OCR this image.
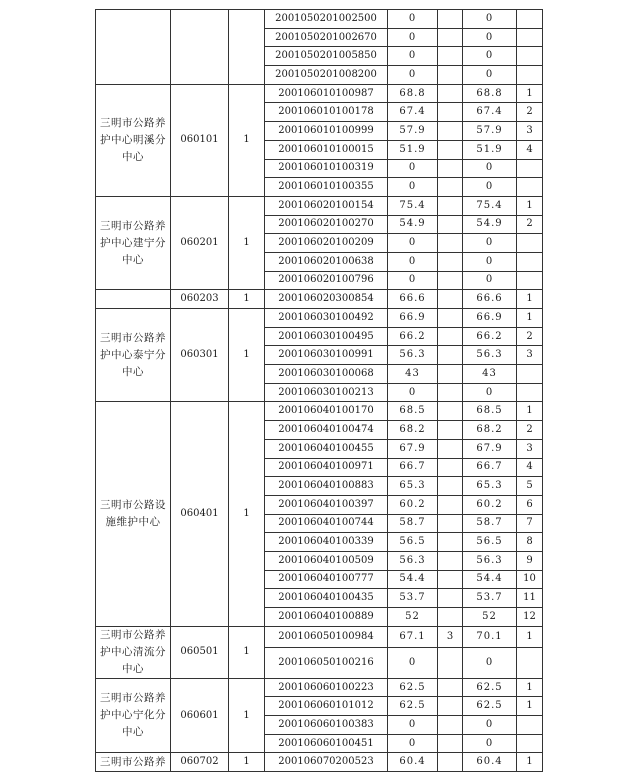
			2001050201002500	0		0	
			2001050201002670	0		0	
			2001050201005850	0		0	
			2001050201008200	0		0	
三明市公路养护中心明溪分中心	060101	1	200106010100987	68.8		68.8	1
			200106010100178	67.4		67.4	2
			200106010100999	57.9		57.9	3
			200106010100015	51.9		51.9	4
			200106010100319	0		0	
			200106010100355	0		0	
三明市公路养护中心建宁分中心	060201	1	200106020100154	75.4		75.4	1
			200106020100270	54.9		54.9	2
			200106020100209	0		0	
			200106020100638	0		0	
			200106020100796	0		0	
	060203	1	200106020300854	66.6		66.6	1
三明市公路养护中心泰宁分中心	060301	1	200106030100492	66.9		66.9	1
			200106030100495	66.2		66.2	2
			200106030100991	56.3		56.3	3
			200106030100068	43		43	
			200106030100213	0		0	
三明市公路设施维护中心	060401	1	200106040100170	68.5		68.5	1
			200106040100474	68.2		68.2	2
			200106040100455	67.9		67.9	3
			200106040100971	66.7		66.7	4
			200106040100883	65.3		65.3	5
			200106040100397	60.2		60.2	6
			200106040100744	58.7		58.7	7
			200106040100339	56.5		56.5	8
			200106040100509	56.3		56.3	9
			200106040100777	54.4		54.4	10
			200106040100435	53.7		53.7	11
			200106040100889	52		52	12
三明市公路养护中心清流分中心	060501	1	200106050100984	67.1	3	70.1	1
			200106050100216	0		0	
三明市公路养护中心宁化分中心	060601	1	200106060100223	62.5		62.5	1
			200106060101012	62.5		62.5	1
			200106060100383	0		0	
			200106060100451	0		0	
三明市公路养	060702	1	200106070200523	60.4		60.4	1
